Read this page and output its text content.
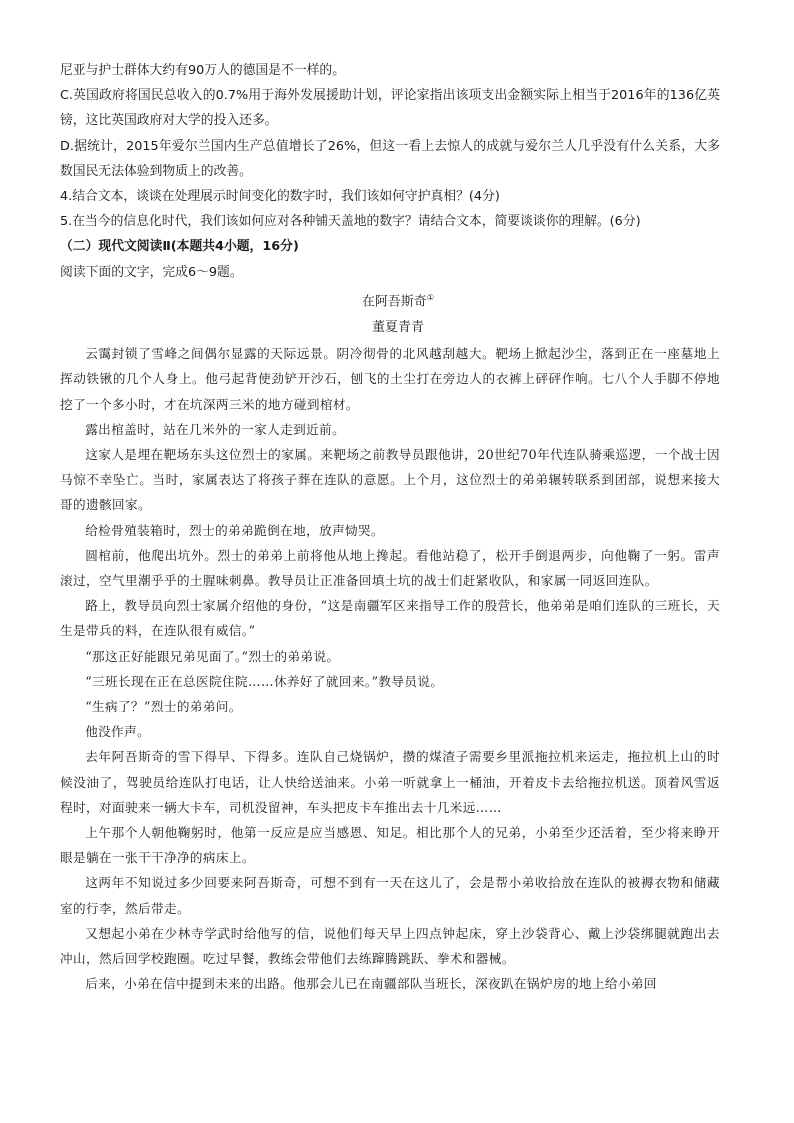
尼亚与护士群体大约有90万人的德国是不一样的。

C.英国政府将国民总收入的0.7%用于海外发展援助计划，评论家指出该项支出金额实际上相当于2016年的136亿英镑，这比英国政府对大学的投入还多。

D.据统计，2015年爱尔兰国内生产总值增长了26%，但这一看上去惊人的成就与爱尔兰人几乎没有什么关系，大多数国民无法体验到物质上的改善。

4.结合文本，谈谈在处理展示时间变化的数字时，我们该如何守护真相？(4分)

5.在当今的信息化时代，我们该如何应对各种铺天盖地的数字？请结合文本，简要谈谈你的理解。(6分)

（二）现代文阅读Ⅱ(本题共4小题，16分)

阅读下面的文字，完成6～9题。

在阿吾斯奇①

董夏青青

云霭封锁了雪峰之间偶尔显露的天际远景。阴冷彻骨的北风越刮越大。靶场上掀起沙尘，落到正在一座墓地上挥动铁锹的几个人身上。他弓起背使劲铲开沙石，刨飞的土尘打在旁边人的衣裤上砰砰作响。七八个人手脚不停地挖了一个多小时，才在坑深两三米的地方碰到棺材。

露出棺盖时，站在几米外的一家人走到近前。

这家人是埋在靶场东头这位烈士的家属。来靶场之前教导员跟他讲，20世纪70年代连队骑乘巡逻，一个战士因马惊不幸坠亡。当时，家属表达了将孩子葬在连队的意愿。上个月，这位烈士的弟弟辗转联系到团部，说想来接大哥的遗骸回家。

给检骨殖装箱时，烈士的弟弟跪倒在地，放声恸哭。

圆棺前，他爬出坑外。烈士的弟弟上前将他从地上搀起。看他站稳了，松开手倒退两步，向他鞠了一躬。雷声滚过，空气里潮乎乎的土腥味刺鼻。教导员让正准备回填土坑的战士们赶紧收队，和家属一同返回连队。

路上，教导员向烈士家属介绍他的身份，“这是南疆军区来指导工作的殷营长，他弟弟是咱们连队的三班长，天生是带兵的料，在连队很有威信。”

“那这正好能跟兄弟见面了。”烈士的弟弟说。

“三班长现在正在总医院住院……休养好了就回来。”教导员说。

“生病了？”烈士的弟弟问。

他没作声。

去年阿吾斯奇的雪下得早、下得多。连队自己烧锅炉，攒的煤渣子需要乡里派拖拉机来运走，拖拉机上山的时候没油了，驾驶员给连队打电话，让人快给送油来。小弟一听就拿上一桶油，开着皮卡去给拖拉机送。顶着风雪返程时，对面驶来一辆大卡车，司机没留神，车头把皮卡车推出去十几米远……

上午那个人朝他鞠躬时，他第一反应是应当感恩、知足。相比那个人的兄弟，小弟至少还活着，至少将来睁开眼是躺在一张干干净净的病床上。

这两年不知说过多少回要来阿吾斯奇，可想不到有一天在这儿了，会是帮小弟收拾放在连队的被褥衣物和储藏室的行李，然后带走。

又想起小弟在少林寺学武时给他写的信，说他们每天早上四点钟起床，穿上沙袋背心、戴上沙袋绑腿就跑出去冲山，然后回学校跑圈。吃过早餐，教练会带他们去练蹿腾跳跃、拳术和器械。

后来，小弟在信中提到未来的出路。他那会儿已在南疆部队当班长，深夜趴在锅炉房的地上给小弟回
